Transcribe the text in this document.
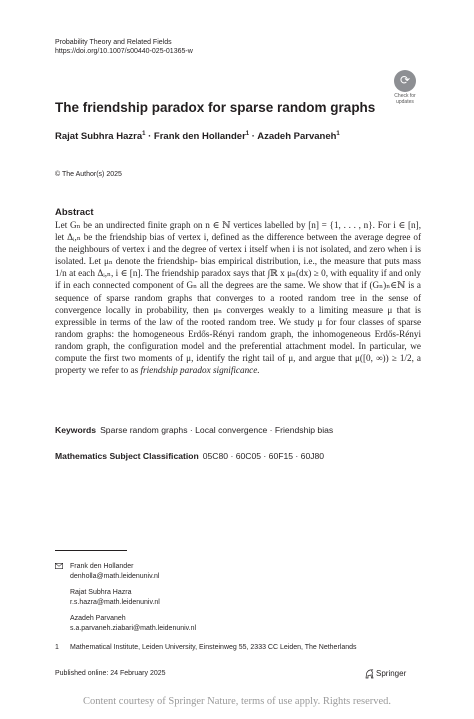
Probability Theory and Related Fields
https://doi.org/10.1007/s00440-025-01365-w
⟳
Check for
updates
The friendship paradox for sparse random graphs
Rajat Subhra Hazra$^1$ · Frank den Hollander$^1$ · Azadeh Parvaneh$^1$
© The Author(s) 2025
Abstract

Let Gₙ be an undirected finite graph on n ∈ ℕ vertices labelled by [n] = {1, . . . , n}. For i ∈ [n], let Δᵢ,ₙ be the friendship bias of vertex i, defined as the difference between the average degree of the neighbours of vertex i and the degree of vertex i itself when i is not isolated, and zero when i is isolated. Let μₙ denote the friendship- bias empirical distribution, i.e., the measure that puts mass 1/n at each Δᵢ,ₙ, i ∈ [n]. The friendship paradox says that ∫ℝ x μₙ(dx) ≥ 0, with equality if and only if in each connected component of Gₙ all the degrees are the same. We show that if (Gₙ)ₙ∈ℕ is a sequence of sparse random graphs that converges to a rooted random tree in the sense of convergence locally in probability, then μₙ converges weakly to a limiting measure μ that is expressible in terms of the law of the rooted random tree. We study μ for four classes of sparse random graphs: the homogeneous Erdős-Rényi random graph, the inhomogeneous Erdős-Rényi random graph, the configuration model and the preferential attachment model. In particular, we compute the first two moments of μ, identify the right tail of μ, and argue that μ([0, ∞)) ≥ 1/2, a property we refer to as friendship paradox significance.

Keywords Sparse random graphs · Local convergence · Friendship bias
Mathematics Subject Classification 05C80 · 60C05 · 60F15 · 60J80
Frank den Hollander
denholla@math.leidenuniv.nl
Rajat Subhra Hazra
r.s.hazra@math.leidenuniv.nl
Azadeh Parvaneh
s.a.parvaneh.ziabari@math.leidenuniv.nl
1 Mathematical Institute, Leiden University, Einsteinweg 55, 2333 CC Leiden, The Netherlands
Published online: 24 February 2025	Springer
Content courtesy of Springer Nature, terms of use apply. Rights reserved.
